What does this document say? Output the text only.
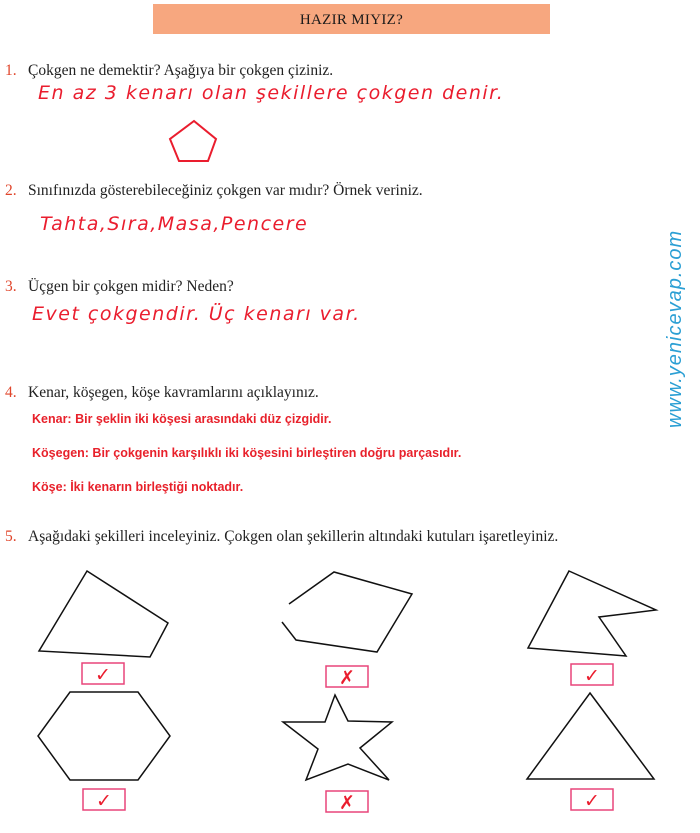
HAZIR MIYIZ?
1. Çokgen ne demektir? Aşağıya bir çokgen çiziniz.
En az 3 kenarı olan şekillere çokgen denir.
2. Sınıfınızda gösterebileceğiniz çokgen var mıdır? Örnek veriniz.
Tahta,Sıra,Masa,Pencere
3. Üçgen bir çokgen midir? Neden?
Evet çokgendir. Üç kenarı var.
4. Kenar, köşegen, köşe kavramlarını açıklayınız.
Kenar: Bir şeklin iki köşesi arasındaki düz çizgidir.
Köşegen: Bir çokgenin karşılıklı iki köşesini birleştiren doğru parçasıdır.
Köşe: İki kenarın birleştiği noktadır.
5. Aşağıdaki şekilleri inceleyiniz. Çokgen olan şekillerin altındaki kutuları işaretleyiniz.
www.yenicevap.com
✓	✗	✓
✓	✗	✓
